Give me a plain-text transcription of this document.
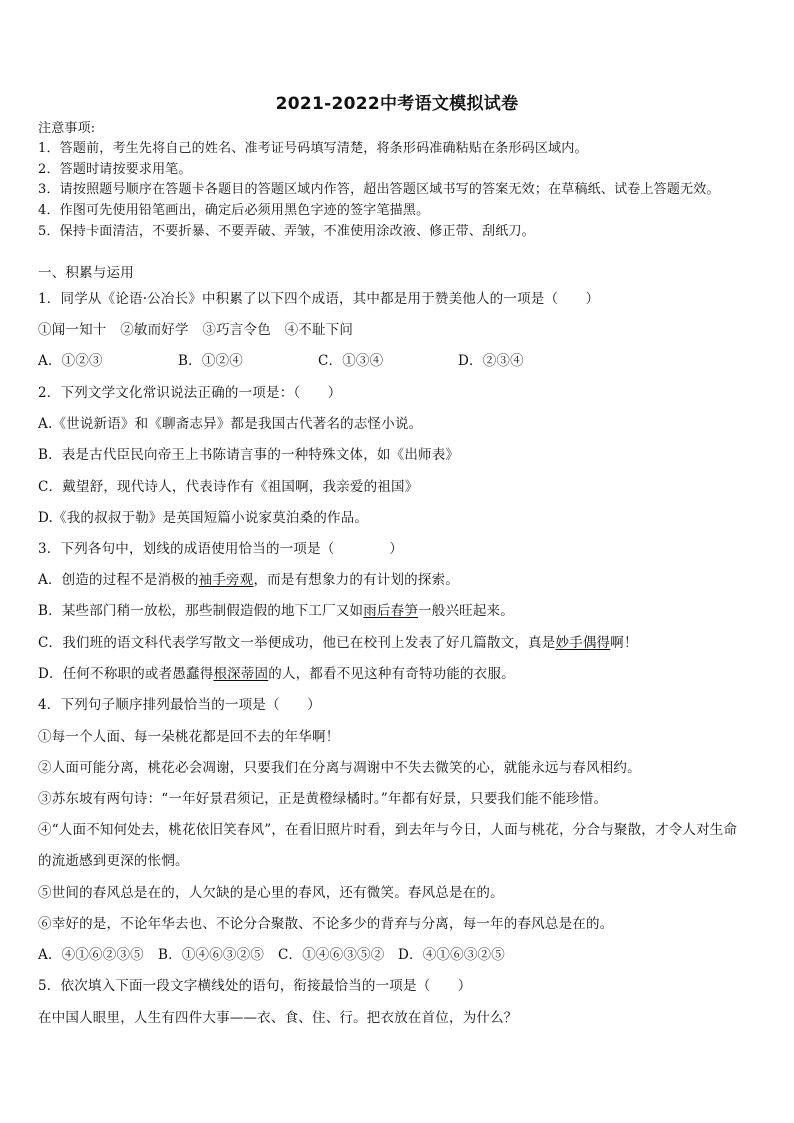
2021-2022中考语文模拟试卷
注意事项:
1．答题前，考生先将自己的姓名、准考证号码填写清楚，将条形码准确粘贴在条形码区域内。
2．答题时请按要求用笔。
3．请按照题号顺序在答题卡各题目的答题区域内作答，超出答题区域书写的答案无效；在草稿纸、试卷上答题无效。
4．作图可先使用铅笔画出，确定后必须用黑色字迹的签字笔描黑。
5．保持卡面清洁，不要折暴、不要弄破、弄皱，不准使用涂改液、修正带、刮纸刀。
一、积累与运用
1．同学从《论语·公冶长》中积累了以下四个成语，其中都是用于赞美他人的一项是（　　）
①闻一知十　②敏而好学　③巧言令色　④不耻下问
A．①②③	B．①②④	C．①③④	D．②③④
2．下列文学文化常识说法正确的一项是：（　　）
A.《世说新语》和《聊斋志异》都是我国古代著名的志怪小说。
B．表是古代臣民向帝王上书陈请言事的一种特殊文体，如《出师表》
C．戴望舒，现代诗人，代表诗作有《祖国啊，我亲爱的祖国》
D.《我的叔叔于勒》是英国短篇小说家莫泊桑的作品。
3．下列各句中，划线的成语使用恰当的一项是（　　　　）
A．创造的过程不是消极的袖手旁观，而是有想象力的有计划的探索。
B．某些部门稍一放松，那些制假造假的地下工厂又如雨后春笋一般兴旺起来。
C．我们班的语文科代表学写散文一举便成功，他已在校刊上发表了好几篇散文，真是妙手偶得啊！
D．任何不称职的或者愚蠢得根深蒂固的人，都看不见这种有奇特功能的衣服。
4．下列句子顺序排列最恰当的一项是（　　）
①每一个人面、每一朵桃花都是回不去的年华啊！
②人面可能分离，桃花必会凋谢，只要我们在分离与凋谢中不失去微笑的心，就能永远与春风相约。
③苏东坡有两句诗：“一年好景君须记，正是黄橙绿橘时。”年都有好景，只要我们能不能珍惜。
④“人面不知何处去，桃花依旧笑春风”，在看旧照片时看，到去年与今日，人面与桃花，分合与聚散，才令人对生命
的流逝感到更深的怅惘。
⑤世间的春风总是在的，人欠缺的是心里的春风，还有微笑。春风总是在的。
⑥幸好的是，不论年华去也、不论分合聚散、不论多少的背弃与分离，每一年的春风总是在的。
A．④①⑥②③⑤ B．①④⑥③②⑤ C．①④⑥③⑤② D．④①⑥③②⑤
5．依次填入下面一段文字横线处的语句，衔接最恰当的一项是（　　）
在中国人眼里，人生有四件大事——衣、食、住、行。把衣放在首位，为什么？
